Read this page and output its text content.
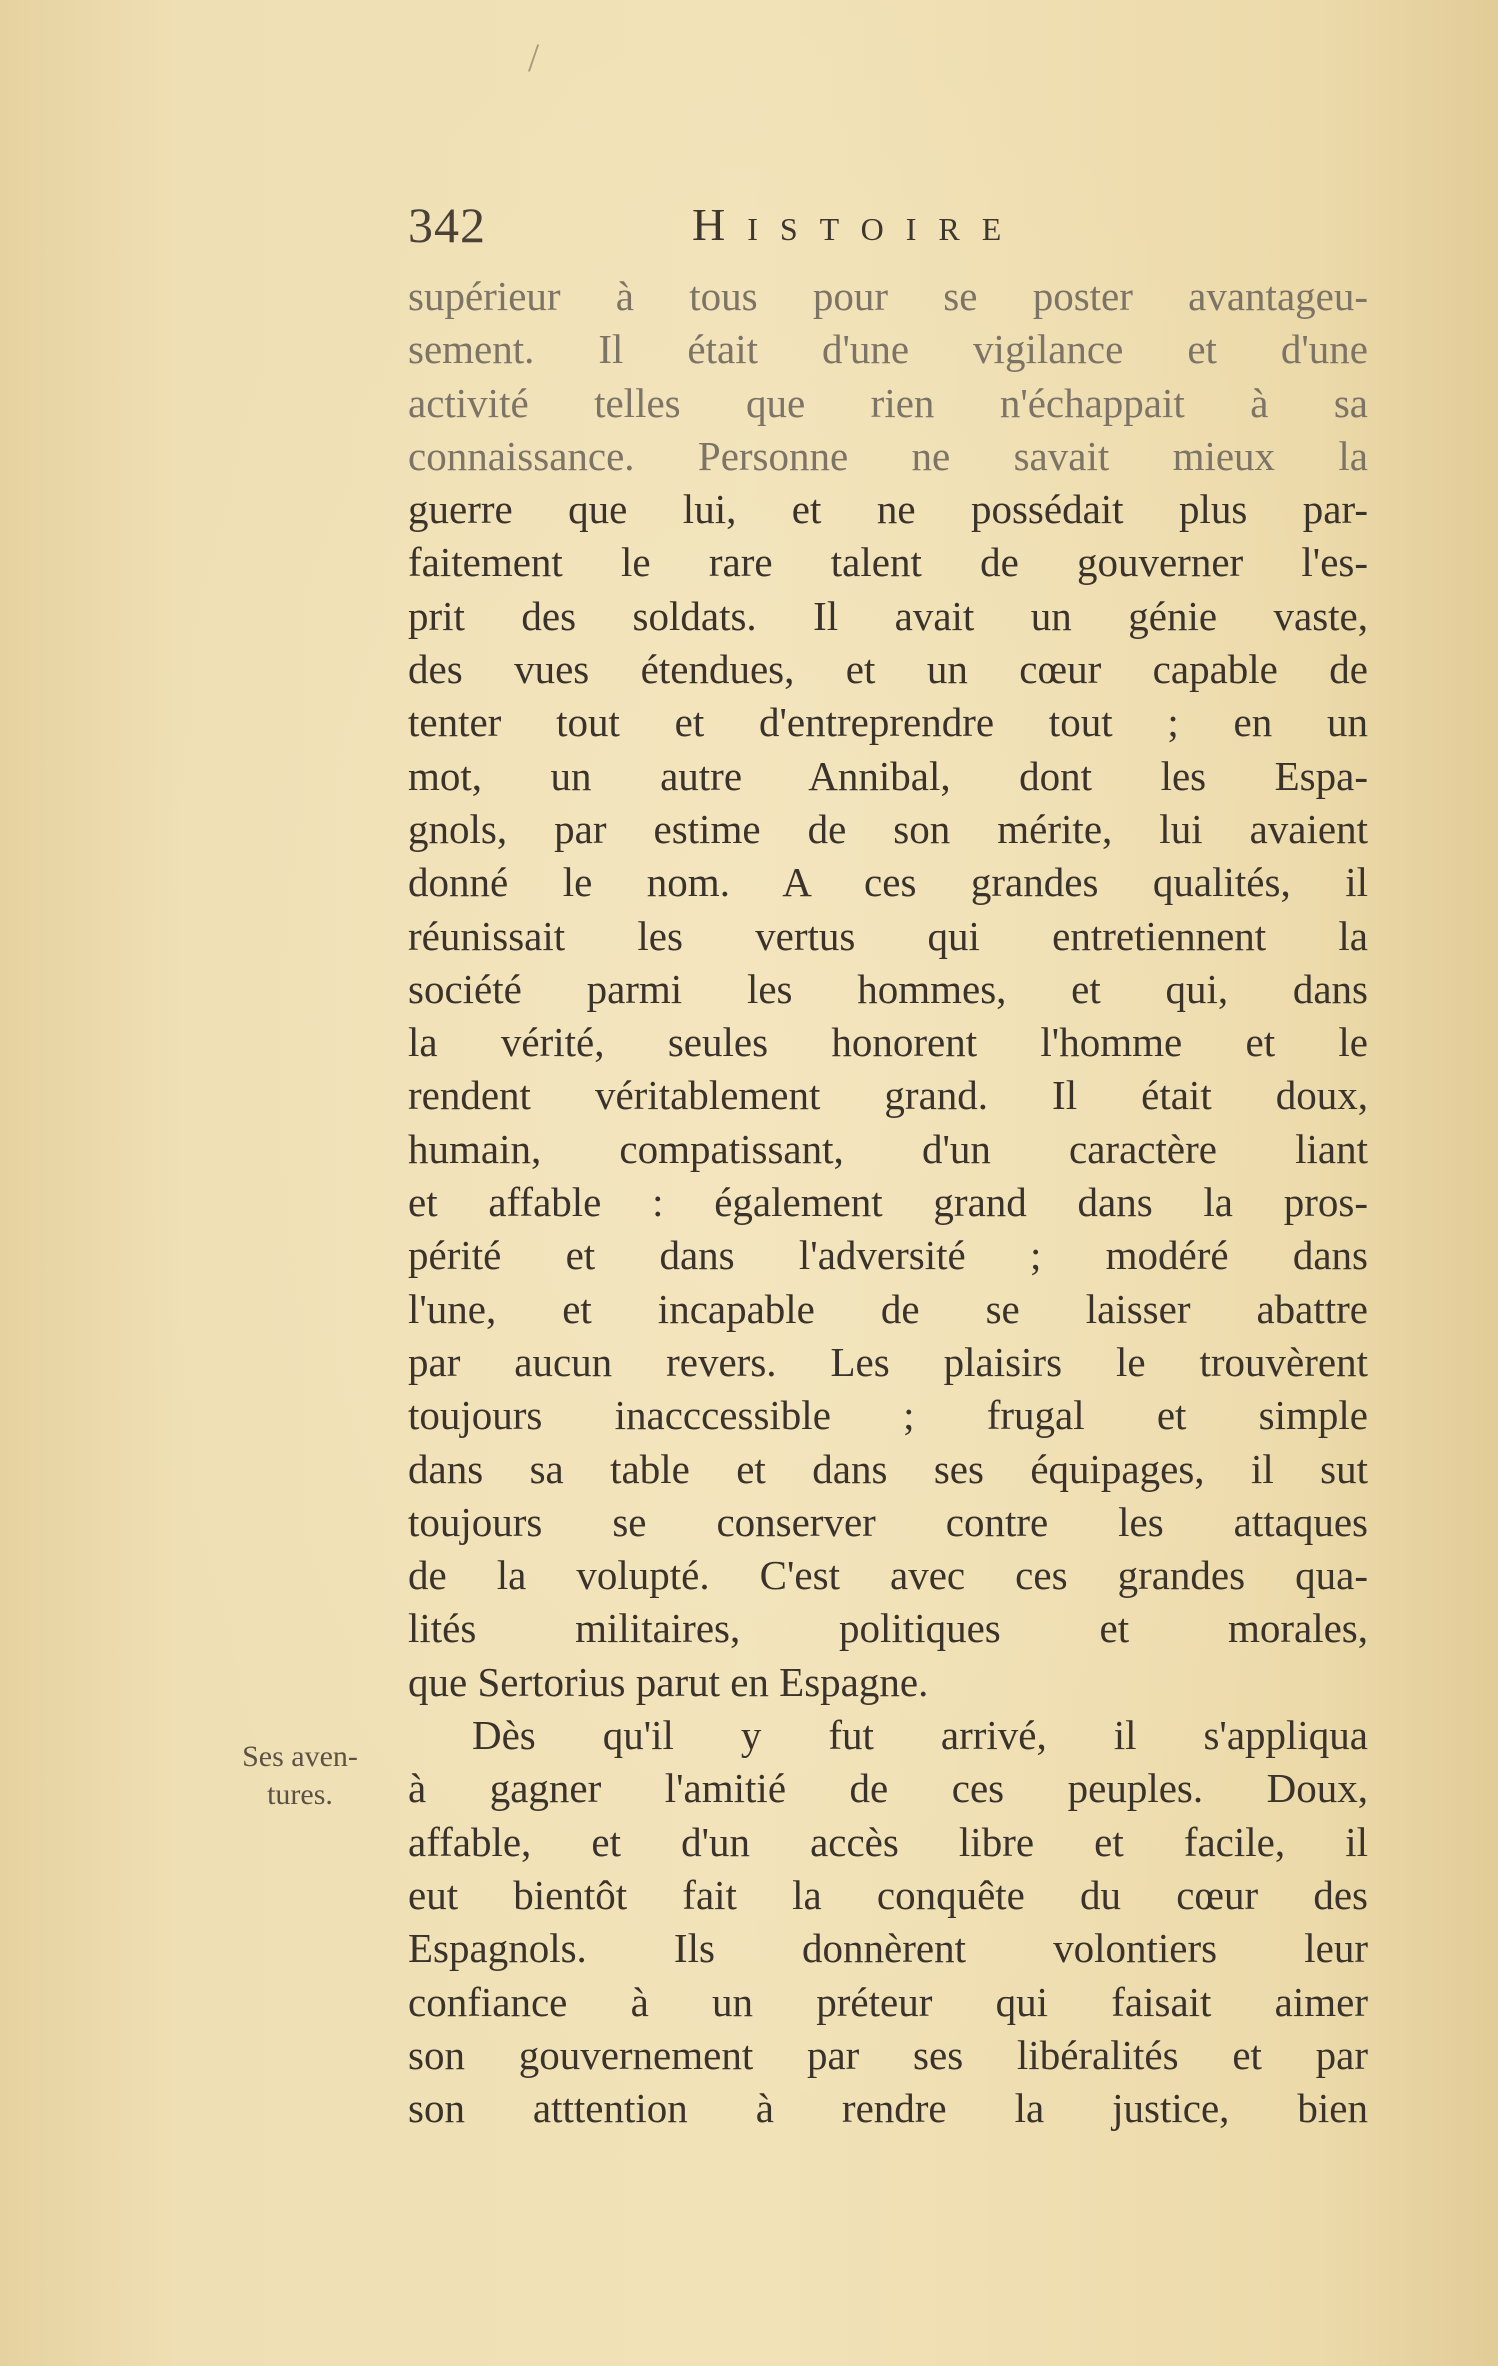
/
342	Histoire
Ses aven-
tures.
supérieur à tous pour se poster avantageu-
sement. Il était d'une vigilance et d'une
activité telles que rien n'échappait à sa
connaissance. Personne ne savait mieux la
guerre que lui, et ne possédait plus par-
faitement le rare talent de gouverner l'es-
prit des soldats. Il avait un génie vaste,
des vues étendues, et un cœur capable de
tenter tout et d'entreprendre tout ; en un
mot, un autre Annibal, dont les Espa-
gnols, par estime de son mérite, lui avaient
donné le nom. A ces grandes qualités, il
réunissait les vertus qui entretiennent la
société parmi les hommes, et qui, dans
la vérité, seules honorent l'homme et le
rendent véritablement grand. Il était doux,
humain, compatissant, d'un caractère liant
et affable : également grand dans la pros-
périté et dans l'adversité ; modéré dans
l'une, et incapable de se laisser abattre
par aucun revers. Les plaisirs le trouvèrent
toujours inacccessible ; frugal et simple
dans sa table et dans ses équipages, il sut
toujours se conserver contre les attaques
de la volupté. C'est avec ces grandes qua-
lités militaires, politiques et morales,
que Sertorius parut en Espagne.
Dès qu'il y fut arrivé, il s'appliqua
à gagner l'amitié de ces peuples. Doux,
affable, et d'un accès libre et facile, il
eut bientôt fait la conquête du cœur des
Espagnols. Ils donnèrent volontiers leur
confiance à un préteur qui faisait aimer
son gouvernement par ses libéralités et par
son atttention à rendre la justice, bien
